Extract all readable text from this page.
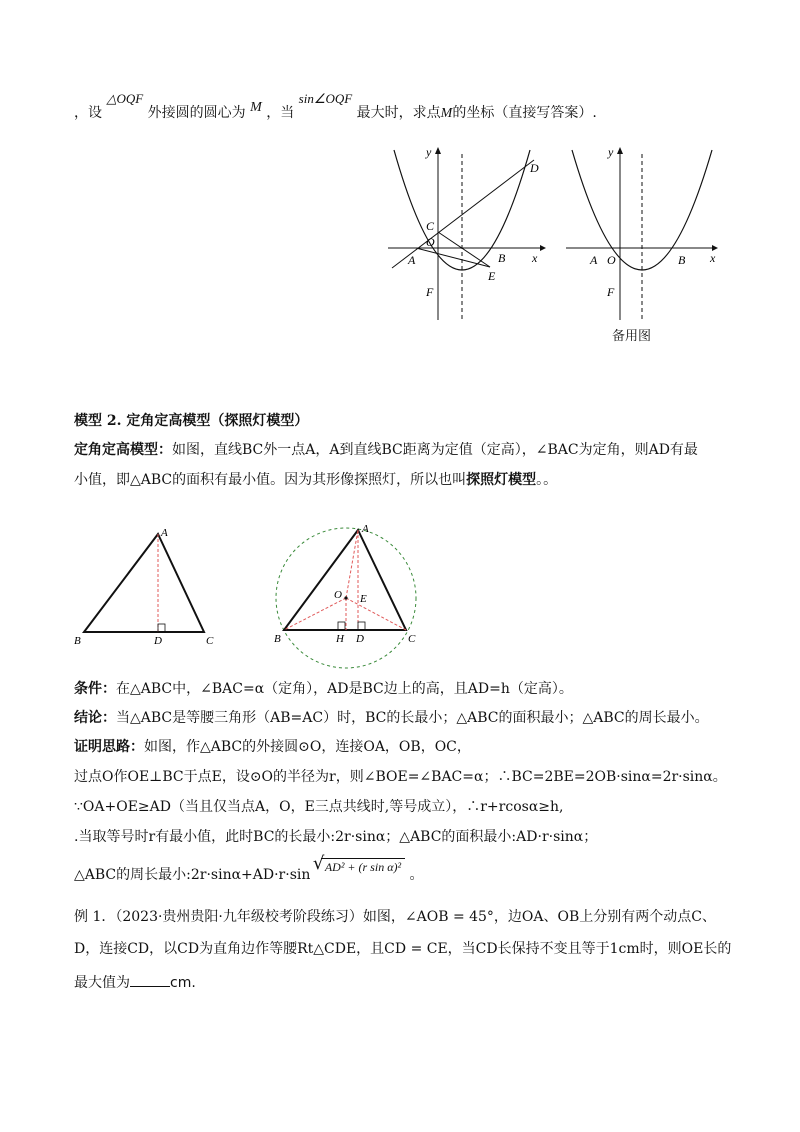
，设 △OQF 外接圆的圆心为 M ，当 sin∠OQF 最大时，求点M的坐标（直接写答案）.
D
C
O
A	B
E
F
y
x
y
x
A O	B
F
备用图
模型 2. 定角定高模型（探照灯模型）
定角定高模型：如图，直线BC外一点A，A到直线BC距离为定值（定高），∠BAC为定角，则AD有最
小值，即△ABC的面积有最小值。因为其形像探照灯，所以也叫探照灯模型。。
A
B	C
D
A
B	C
H D
O E
条件：在△ABC中，∠BAC=α（定角），AD是BC边上的高，且AD=h（定高）。
结论：当△ABC是等腰三角形（AB=AC）时，BC的长最小；△ABC的面积最小；△ABC的周长最小。
证明思路：如图，作△ABC的外接圆⊙O，连接OA，OB，OC，
过点O作OE⊥BC于点E，设⊙O的半径为r，则∠BOE=∠BAC=α；∴BC=2BE=2OB·sinα=2r·sinα。
∵OA+OE≥AD（当且仅当点A，O，E三点共线时,等号成立），∴r+rcosα≥h,
.当取等号时r有最小值，此时BC的长最小:2r·sinα；△ABC的面积最小:AD·r·sinα；
△ABC的周长最小:2r·sinα+AD·r·sin
√ AD² + (r sin α)² 。
例 1．（2023·贵州贵阳·九年级校考阶段练习）如图，∠AOB = 45°，边OA、OB上分别有两个动点C、
D，连接CD，以CD为直角边作等腰Rt△CDE，且CD = CE，当CD长保持不变且等于1cm时，则OE长的
最大值为	cm.
